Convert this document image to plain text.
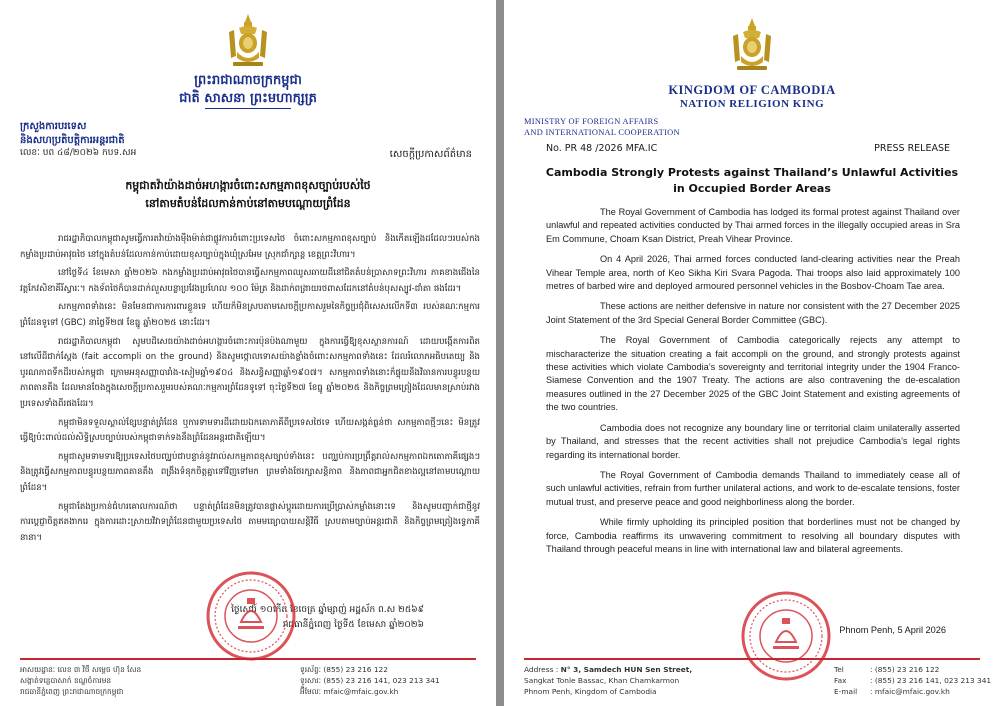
ព្រះរាជាណាចក្រកម្ពុជា
ជាតិ សាសនា ព្រះមហាក្សត្រ
ក្រសួងការបរទេស
និងសហប្រតិបត្តិការអន្តរជាតិ
លេខៈ បព ៤៨/២០២៦ កបទ.សអ	សេចក្តីប្រកាសព័ត៌មាន
កម្ពុជាតវ៉ាយ៉ាងដាច់អហង្ការចំពោះសកម្មភាពខុសច្បាប់របស់ថៃ
នៅតាមតំបន់ដែលកាន់កាប់នៅតាមបណ្តោយព្រំដែន

រាជរដ្ឋាភិបាលកម្ពុជាសូមធ្វើការតវ៉ាយ៉ាងម៉ឺងម៉ាត់ជាផ្លូវការចំពោះប្រទេសថៃ ចំពោះសកម្មភាពខុសច្បាប់ និងកើតឡើងដដែលៗរបស់កងកម្លាំងប្រដាប់អាវុធថៃ នៅក្នុងតំបន់ដែលកាន់កាប់ដោយខុសច្បាប់ក្នុងឃុំស្រអែម ស្រុកជាំក្សាន្ត ខេត្តព្រះវិហារ។

នៅថ្ងៃទី៤ ខែមេសា ឆ្នាំ២០២៦ កងកម្លាំងប្រដាប់អាវុធថៃបានធ្វើសកម្មភាពឈូសឆាយដីនៅជិតតំបន់ប្រាសាទព្រះវិហារ ភាគខាងជើងនៃវត្តកែវសិខាគីរីស្វារៈ។ កងទ័ពថៃក៏បានដាក់លួសបន្លាប្រវែងប្រហែល ១០០ ម៉ែត្រ និងដាក់ពង្រាយរថពាសដែកនៅតំបន់បុសស្បូវ-ជាំតា ផងដែរ។

សកម្មភាពទាំងនេះ មិនមែនជាការការពារខ្លួនទេ ហើយក៏មិនស្របតាមសេចក្តីប្រកាសរួមនៃកិច្ចប្រជុំពិសេសលើកទី៣ របស់គណៈកម្មការព្រំដែនទូទៅ (GBC) នាថ្ងៃទី២៧ ខែធ្នូ ឆ្នាំ២០២៥ នោះដែរ។

រាជរដ្ឋាភិបាលកម្ពុជា សូមបដិសេធយ៉ាងដាច់អហង្ការចំពោះការប៉ុនប៉ងណាមួយ ក្នុងការធ្វើឱ្យខុសស្ថានការណ៍ ដោយបង្កើតការពិតនៅលើដីជាក់ស្តែង (fait accompli on the ground) និងសូមថ្កោលទោសយ៉ាងខ្លាំងចំពោះសកម្មភាពទាំងនេះ ដែលរំលោភអធិបតេយ្យ និងបូរណភាពទឹកដីរបស់កម្ពុជា ក្រោមអនុសញ្ញាបារាំង-សៀមឆ្នាំ១៩០៤ និងសន្ធិសញ្ញាឆ្នាំ១៩០៧។ សកម្មភាពទាំងនោះក៏ផ្ទុយនឹងវិធានការបន្ធូរបន្ថយភាពតានតឹង ដែលមានចែងក្នុងសេចក្តីប្រកាសរួមរបស់គណៈកម្មការព្រំដែនទូទៅ ចុះថ្ងៃទី២៧ ខែធ្នូ ឆ្នាំ២០២៥ និងកិច្ចព្រមព្រៀងដែលមានស្រាប់រវាងប្រទេសទាំងពីរផងដែរ។

កម្ពុជាមិនទទួលស្គាល់ខ្សែបន្ទាត់ព្រំដែន ឬការទាមទារដីដោយឯកតោភាគីពីប្រទេសថៃទេ ហើយសង្កត់ធ្ងន់ថា សកម្មភាពថ្មីៗនេះ មិនត្រូវធ្វើឱ្យប៉ះពាល់ដល់សិទ្ធិស្របច្បាប់របស់កម្ពុជាទាក់ទងនឹងព្រំដែនអន្តរជាតិឡើយ។

កម្ពុជាសូមទាមទារឱ្យប្រទេសថៃបញ្ឈប់ជាបន្ទាន់នូវរាល់សកម្មភាពខុសច្បាប់ទាំងនេះ បញ្ឈប់ការប្រព្រឹត្តរាល់សកម្មភាពឯកតោភាគីផ្សេងៗ និងត្រូវធ្វើសកម្មភាពបន្ធូរបន្ថយភាពតានតឹង ពង្រឹងទំនុកចិត្តគ្នាទៅវិញទៅមក ព្រមទាំងថែរក្សាសន្តិភាព និងភាពជាអ្នកជិតខាងល្អនៅតាមបណ្តោយព្រំដែន។

កម្ពុជាតែងប្រកាន់ជំហរគោលការណ៍ថា បន្ទាត់ព្រំដែនមិនត្រូវបានផ្លាស់ប្តូរដោយការប្រើប្រាស់កម្លាំងនោះទេ និងសូមបញ្ជាក់ជាថ្មីនូវការប្តេជ្ញាចិត្តឥតងាករេ ក្នុងការដោះស្រាយវិវាទព្រំដែនជាមួយប្រទេសថៃ តាមមធ្យោបាយសន្តិវិធី ស្របតាមច្បាប់អន្តរជាតិ និងកិច្ចព្រមព្រៀងទ្វេភាគីនានា។

ថ្ងៃសៅរ៍ ១០កើត ខែចេត្រ ឆ្នាំម្សាញ់ អដ្ឋស័ក ព.ស ២៥៦៩
រាជធានីភ្នំពេញ ថ្ងៃទី៥ ខែមេសា ឆ្នាំ២០២៦
អាសយដ្ឋានៈ លេខ ៣ វិថី សម្តេច ហ៊ុន សែន
សង្កាត់ទន្លេបាសាក់ ខណ្ឌចំការមន
រាជធានីភ្នំពេញ ព្រះរាជាណាចក្រកម្ពុជា
ទូរស័ព្ទៈ (855) 23 216 122
ទូរសារៈ (855) 23 216 141, 023 213 341
អ៊ីមែលៈ mfaic@mfaic.gov.kh
KINGDOM OF CAMBODIA
NATION RELIGION KING
MINISTRY OF FOREIGN AFFAIRS
AND INTERNATIONAL COOPERATION
No. PR 48 /2026 MFA.IC	PRESS RELEASE
Cambodia Strongly Protests against Thailand’s Unlawful Activities
in Occupied Border Areas

The Royal Government of Cambodia has lodged its formal protest against Thailand over unlawful and repeated activities conducted by Thai armed forces in the illegally occupied areas in Sra Em Commune, Choam Ksan District, Preah Vihear Province.

On 4 April 2026, Thai armed forces conducted land-clearing activities near the Preah Vihear Temple area, north of Keo Sikha Kiri Svara Pagoda. Thai troops also laid approximately 100 metres of barbed wire and deployed armoured personnel vehicles in the Bosbov-Choam Tae area.

These actions are neither defensive in nature nor consistent with the 27 December 2025 Joint Statement of the 3rd Special General Border Committee (GBC).

The Royal Government of Cambodia categorically rejects any attempt to mischaracterize the situation creating a fait accompli on the ground, and strongly protests against these activities which violate Cambodia’s sovereignty and territorial integrity under the 1904 Franco-Siamese Convention and the 1907 Treaty. The actions are also contravening the de-escalation measures outlined in the 27 December 2025 of the GBC Joint Statement and existing agreements of the two countries.

Cambodia does not recognize any boundary line or territorial claim unilaterally asserted by Thailand, and stresses that the recent activities shall not prejudice Cambodia’s legal rights regarding its international border.

The Royal Government of Cambodia demands Thailand to immediately cease all of such unlawful activities, refrain from further unilateral actions, and work to de-escalate tensions, foster mutual trust, and preserve peace and good neighborliness along the border.

While firmly upholding its principled position that borderlines must not be changed by force, Cambodia reaffirms its unwavering commitment to resolving all boundary disputes with Thailand through peaceful means in line with international law and bilateral agreements.

Phnom Penh, 5 April 2026
Address : N° 3, Samdech HUN Sen Street,
Sangkat Tonle Bassac, Khan Chamkarmon
Phnom Penh, Kingdom of Cambodia
Tel	: (855) 23 216 122
Fax	: (855) 23 216 141, 023 213 341
E-mail : mfaic@mfaic.gov.kh
